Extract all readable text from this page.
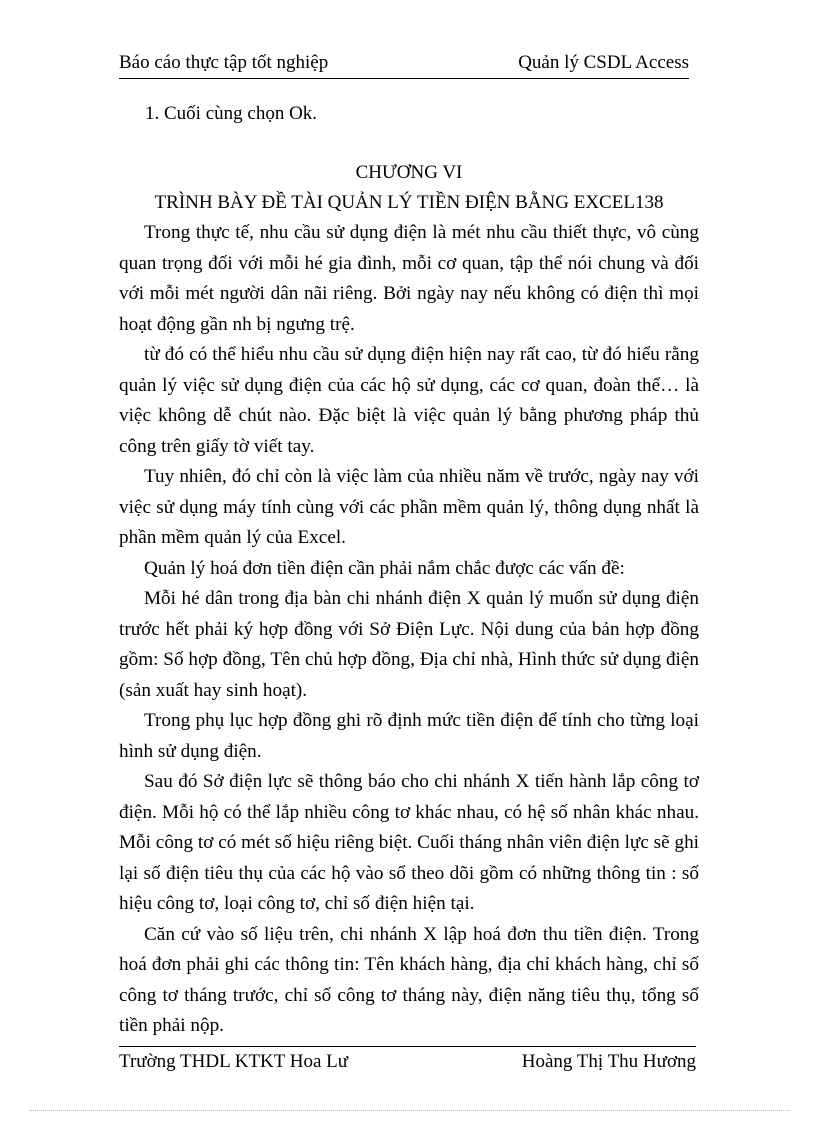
Báo cáo thực tập tốt nghiệp	Quản lý CSDL Access
1. Cuối cùng chọn Ok.
CHƯƠNG VI
TRÌNH BÀY ĐỀ TÀI QUẢN LÝ TIỀN ĐIỆN BẰNG EXCEL138

Trong thực tế, nhu cầu sử dụng điện là mét nhu cầu thiết thực, vô cùng quan trọng đối với mỗi hé gia đình, mỗi cơ quan, tập thể nói chung và đối với mỗi mét người dân nãi riêng. Bởi ngày nay nếu không có điện thì mọi hoạt động gần nh bị ngưng trệ.

từ đó có thể hiểu nhu cầu sử dụng điện hiện nay rất cao, từ đó hiểu rằng quản lý việc sử dụng điện của các hộ sử dụng, các cơ quan, đoàn thể… là việc không dễ chút nào. Đặc biệt là việc quản lý bằng phương pháp thủ công trên giấy tờ viết tay.

Tuy nhiên, đó chỉ còn là việc làm của nhiều năm về trước, ngày nay với việc sử dụng máy tính cùng với các phần mềm quản lý, thông dụng nhất là phần mềm quản lý của Excel.

Quản lý hoá đơn tiền điện cần phải nắm chắc được các vấn đề:

Mỗi hé dân trong địa bàn chi nhánh điện X quản lý muốn sử dụng điện trước hết phải ký hợp đồng với Sở Điện Lực. Nội dung của bản hợp đồng gồm: Số hợp đồng, Tên chủ hợp đồng, Địa chỉ nhà, Hình thức sử dụng điện (sản xuất hay sinh hoạt).

Trong phụ lục hợp đồng ghi rõ định mức tiền điện để tính cho từng loại hình sử dụng điện.

Sau đó Sở điện lực sẽ thông báo cho chi nhánh X tiến hành lắp công tơ điện. Mỗi hộ có thể lắp nhiều công tơ khác nhau, có hệ số nhân khác nhau. Mỗi công tơ có mét số hiệu riêng biệt. Cuối tháng nhân viên điện lực sẽ ghi lại số điện tiêu thụ của các hộ vào sổ theo dõi gồm có những thông tin : số hiệu công tơ, loại công tơ, chỉ số điện hiện tại.

Căn cứ vào số liệu trên, chi nhánh X lập hoá đơn thu tiền điện. Trong hoá đơn phải ghi các thông tin: Tên khách hàng, địa chỉ khách hàng, chỉ số công tơ tháng trước, chỉ số công tơ tháng này, điện năng tiêu thụ, tổng số tiền phải nộp.

Trường THDL KTKT Hoa Lư	Hoàng Thị Thu Hương
